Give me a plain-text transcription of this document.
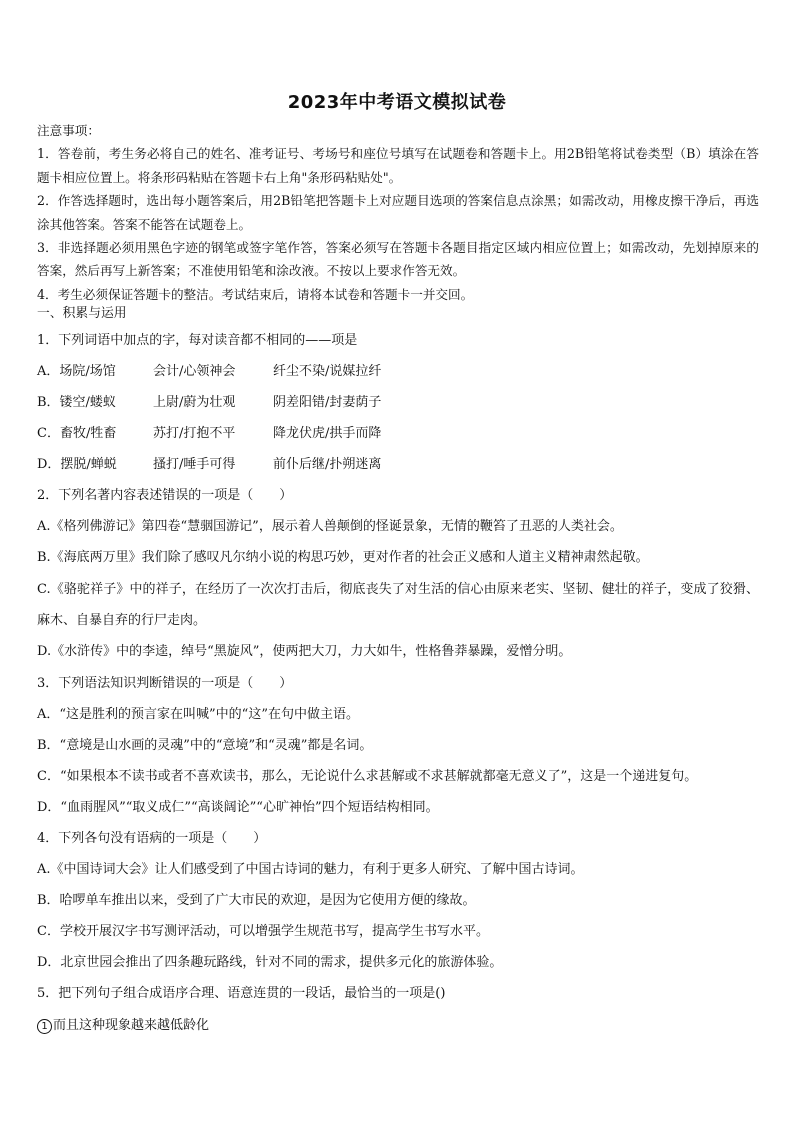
2023年中考语文模拟试卷

注意事项：

1．答卷前，考生务必将自己的姓名、准考证号、考场号和座位号填写在试题卷和答题卡上。用2B铅笔将试卷类型（B）填涂在答题卡相应位置上。将条形码粘贴在答题卡右上角"条形码粘贴处"。

2．作答选择题时，选出每小题答案后，用2B铅笔把答题卡上对应题目选项的答案信息点涂黑；如需改动，用橡皮擦干净后，再选涂其他答案。答案不能答在试题卷上。

3．非选择题必须用黑色字迹的钢笔或签字笔作答，答案必须写在答题卡各题目指定区域内相应位置上；如需改动，先划掉原来的答案，然后再写上新答案；不准使用铅笔和涂改液。不按以上要求作答无效。

4．考生必须保证答题卡的整洁。考试结束后，请将本试卷和答题卡一并交回。

一、积累与运用
1．下列词语中加点的字，每对读音都不相同的——项是
A．场院/场馆	会计/心领神会	纤尘不染/说媒拉纤
B．镂空/蝼蚁	上尉/蔚为壮观	阴差阳错/封妻荫子
C．畜牧/牲畜	苏打/打抱不平	降龙伏虎/拱手而降
D．摆脱/蝉蜕	搔打/唾手可得	前仆后继/扑朔迷离
2．下列名著内容表述错误的一项是（　　）
A.《格列佛游记》第四卷“慧骃国游记”，展示着人兽颠倒的怪诞景象，无情的鞭笞了丑恶的人类社会。
B.《海底两万里》我们除了感叹凡尔纳小说的构思巧妙，更对作者的社会正义感和人道主义精神肃然起敬。
C.《骆驼祥子》中的祥子，在经历了一次次打击后，彻底丧失了对生活的信心由原来老实、坚韧、健壮的祥子，变成了狡猾、麻木、自暴自弃的行尸走肉。
D.《水浒传》中的李逵，绰号“黑旋风”，使两把大刀，力大如牛，性格鲁莽暴躁，爱憎分明。
3．下列语法知识判断错误的一项是（　　）
A．“这是胜利的预言家在叫喊”中的“这”在句中做主语。
B．“意境是山水画的灵魂”中的“意境”和“灵魂”都是名词。
C．“如果根本不读书或者不喜欢读书，那么，无论说什么求甚解或不求甚解就都毫无意义了”，这是一个递进复句。
D．“血雨腥风”“取义成仁”“高谈阔论”“心旷神怡”四个短语结构相同。
4．下列各句没有语病的一项是（　　）
A.《中国诗词大会》让人们感受到了中国古诗词的魅力，有利于更多人研究、了解中国古诗词。
B．哈啰单车推出以来，受到了广大市民的欢迎，是因为它使用方便的缘故。
C．学校开展汉字书写测评活动，可以增强学生规范书写，提高学生书写水平。
D．北京世园会推出了四条趣玩路线，针对不同的需求，提供多元化的旅游体验。
5．把下列句子组合成语序合理、语意连贯的一段话，最恰当的一项是()
1 而且这种现象越来越低龄化
